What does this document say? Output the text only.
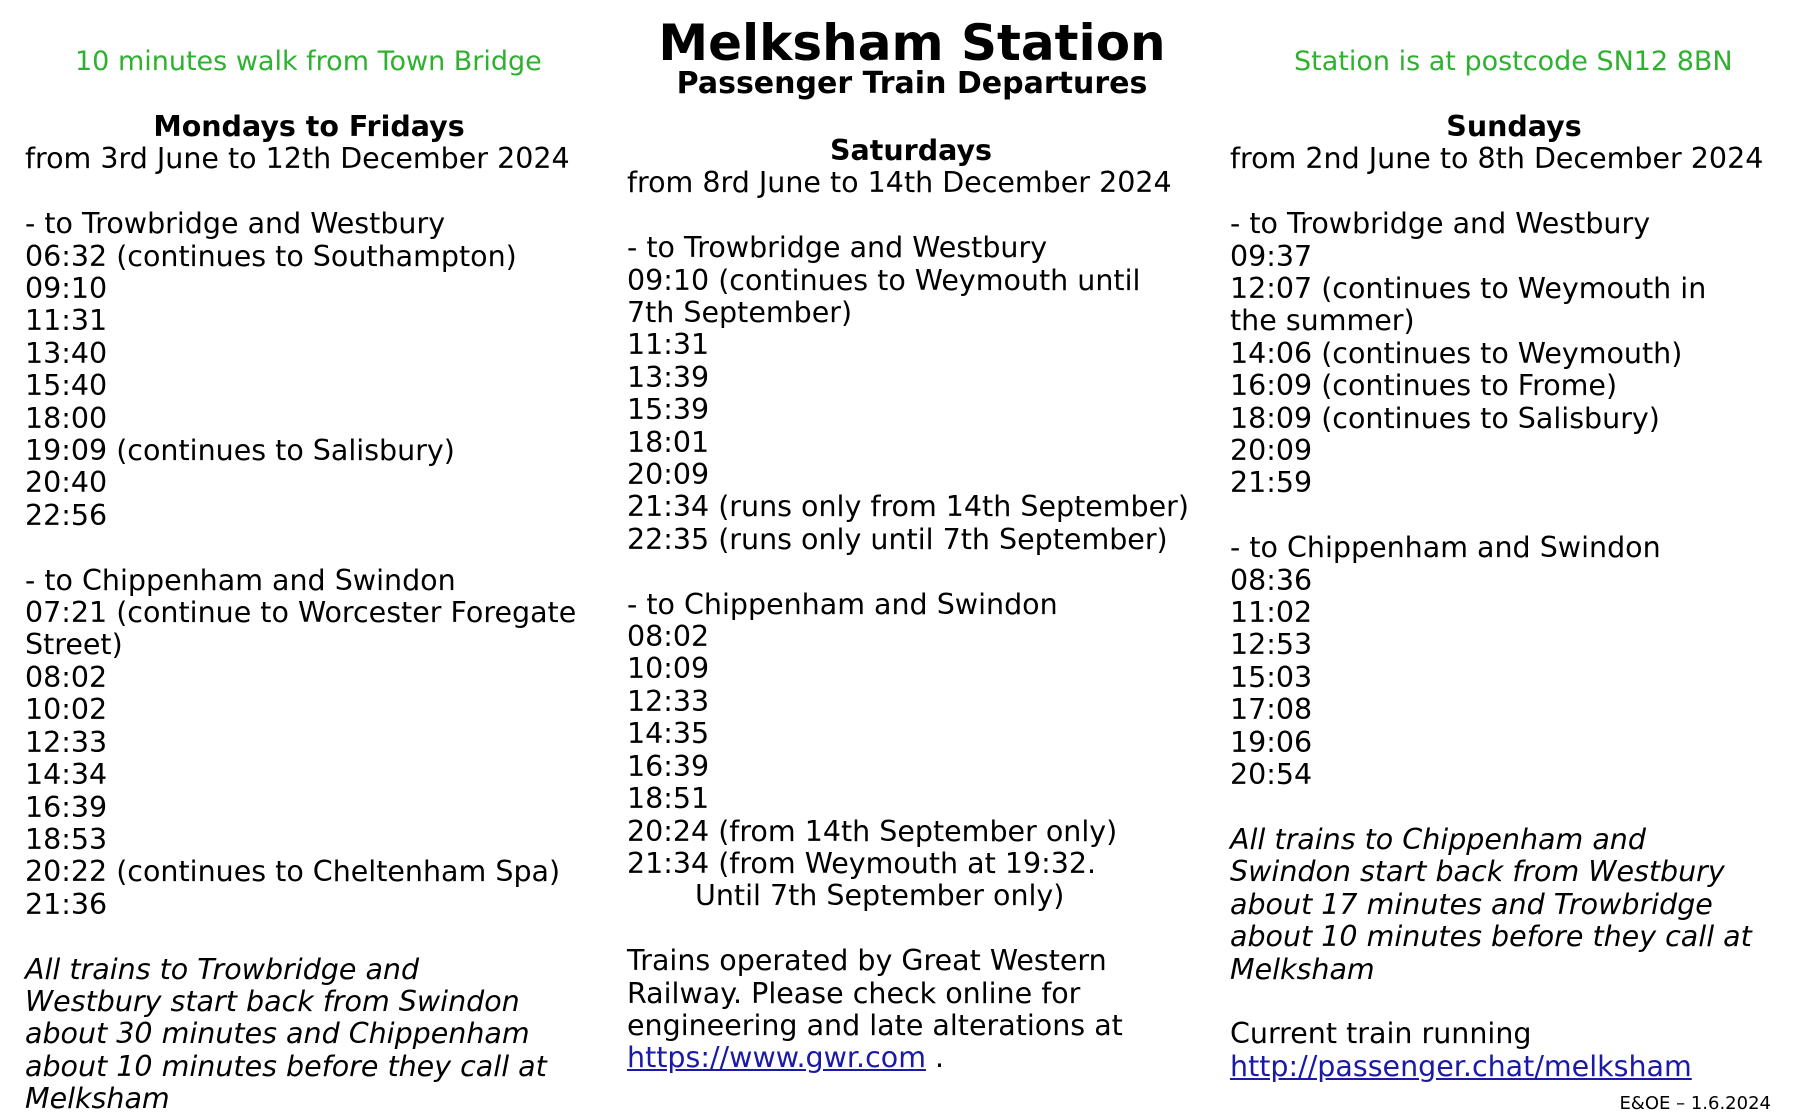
10 minutes walk from Town Bridge	Melksham Station
Passenger Train Departures
Station is at postcode SN12 8BN
Mondays to Fridays
from 3rd June to 12th December 2024
- to Trowbridge and Westbury
06:32 (continues to Southampton)
09:10
11:31
13:40
15:40
18:00
19:09 (continues to Salisbury)
20:40
22:56
- to Chippenham and Swindon
07:21 (continue to Worcester Foregate Street)
08:02
10:02
12:33
14:34
16:39
18:53
20:22 (continues to Cheltenham Spa)
21:36
All trains to Trowbridge and Westbury start back from Swindon about 30 minutes and Chippenham about 10 minutes before they call at Melksham
Saturdays
from 8rd June to 14th December 2024
- to Trowbridge and Westbury
09:10 (continues to Weymouth until 7th September)
11:31
13:39
15:39
18:01
20:09
21:34 (runs only from 14th September)
22:35 (runs only until 7th September)
- to Chippenham and Swindon
08:02
10:09
12:33
14:35
16:39
18:51
20:24 (from 14th September only)
21:34 (from Weymouth at 19:32.
Until 7th September only)
Trains operated by Great Western Railway. Please check online for engineering and late alterations at https://www.gwr.com .
Sundays
from 2nd June to 8th December 2024
- to Trowbridge and Westbury
09:37
12:07 (continues to Weymouth in the summer)
14:06 (continues to Weymouth)
16:09 (continues to Frome)
18:09 (continues to Salisbury)
20:09
21:59
- to Chippenham and Swindon
08:36
11:02
12:53
15:03
17:08
19:06
20:54
All trains to Chippenham and Swindon start back from Westbury about 17 minutes and Trowbridge about 10 minutes before they call at Melksham
Current train running
http://passenger.chat/melksham
E&OE – 1.6.2024
